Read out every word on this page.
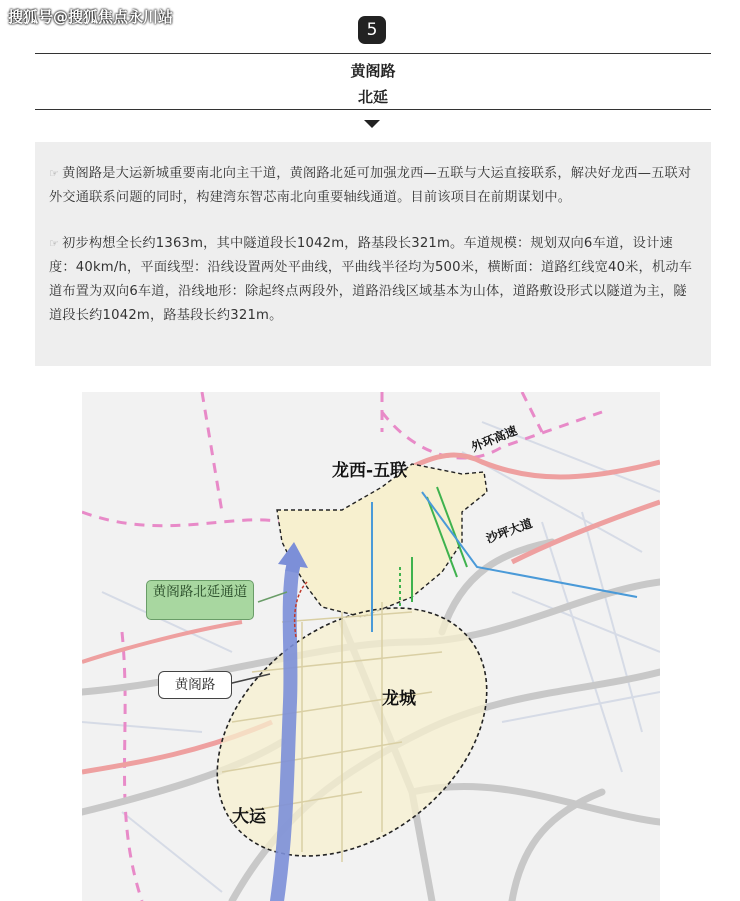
搜狐号@搜狐焦点永川站
5
黄阁路
北延

☞ 黄阁路是大运新城重要南北向主干道，黄阁路北延可加强龙西—五联与大运直接联系，解决好龙西—五联对外交通联系问题的同时，构建湾东智芯南北向重要轴线通道。目前该项目在前期谋划中。

☞ 初步构想全长约1363m，其中隧道段长1042m，路基段长321m。车道规模：规划双向6车道，设计速度：40km/h，平面线型：沿线设置两处平曲线，平曲线半径均为500米，横断面：道路红线宽40米，机动车道布置为双向6车道，沿线地形：除起终点两段外，道路沿线区域基本为山体，道路敷设形式以隧道为主，隧道段长约1042m，路基段长约321m。

龙西-五联
龙城
大运
外环高速
沙坪大道
黄阁路北延通道
黄阁路
